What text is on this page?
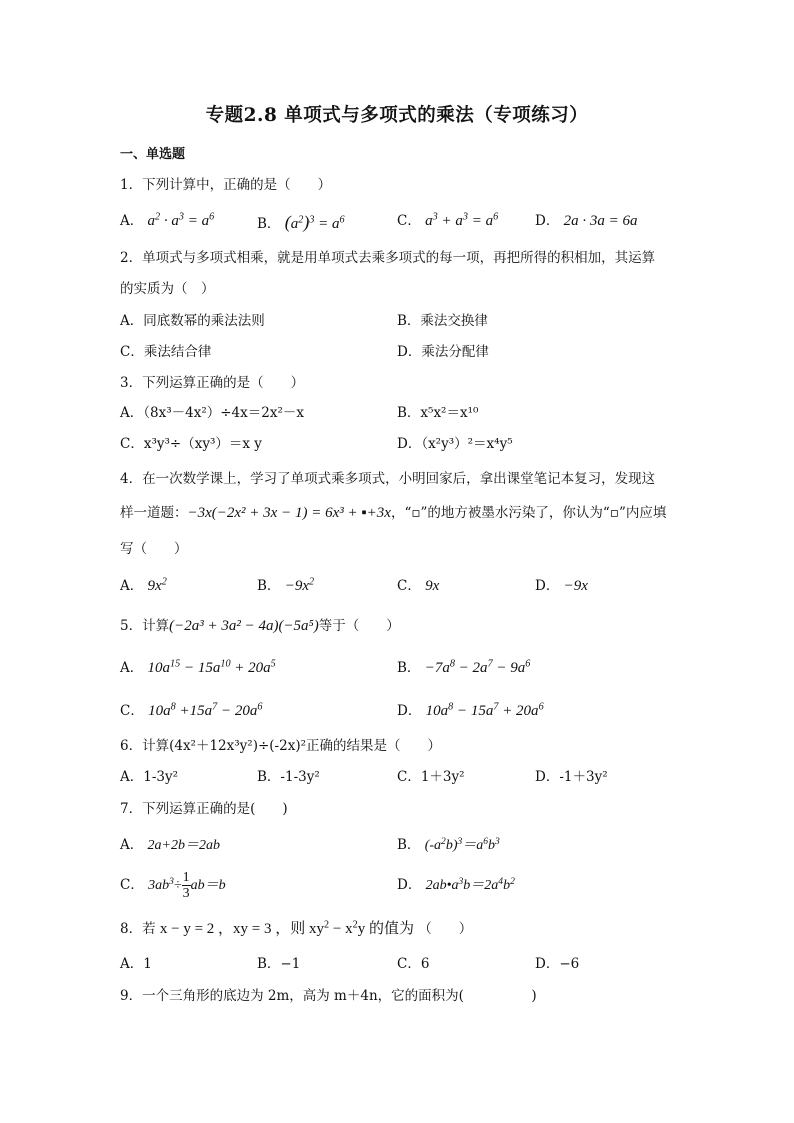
专题2.8 单项式与多项式的乘法（专项练习）
一、单选题
1．下列计算中，正确的是（　　）
A． $a^2 \cdot a^3 = a^6$	B． $(a^2)^3 = a^6$	C． $a^3 + a^3 = a^6$	D． 2a · 3a = 6a
2．单项式与多项式相乘，就是用单项式去乘多项式的每一项，再把所得的积相加，其运算
的实质为（　）
A．同底数幂的乘法法则	B．乘法交换律
C．乘法结合律	D．乘法分配律
3．下列运算正确的是（　　）
A．（8x³－4x²）÷4x＝2x²－x	B．x⁵x²＝x¹⁰
C．x³y³÷（xy³）＝x y	D．（x²y³）²＝x⁴y⁵
4．在一次数学课上，学习了单项式乘多项式，小明回家后，拿出课堂笔记本复习，发现这
样一道题：−3x(−2x² + 3x − 1) = 6x³ + ▪+3x，“▫”的地方被墨水污染了，你认为“▫”内应填
写（　　）
A． $9x^2$	B． $-9x^2$	C． 9x	D． −9x
5．计算(−2a³ + 3a² − 4a)(−5a⁵)等于（　　）
A． $10a^{15} - 15a^{10} + 20a^5$	B． $-7a^8 - 2a^7 - 9a^6$
C． $10a^8 +15a^7 - 20a^6$	D． $10a^8 - 15a^7 + 20a^6$
6．计算(4x²＋12x³y²)÷(-2x)²正确的结果是（　　）
A．1-3y²	B．-1-3y²	C．1＋3y²	D．-1＋3y²
7．下列运算正确的是(　　)
A． 2a+2b＝2ab	B． $(-a^2b)^3=a^6b^3$
C． $3ab^3\div \frac{1}{3} ab=b$	D． $2ab•a^3b=2a^4b^2$
8．若 x − y = 2 ，xy = 3 ，则 $xy^2 - x^2y$ 的值为 （　　）
A．1	B．−1	C．6	D．−6
9．一个三角形的底边为 2m，高为 m＋4n，它的面积为(　　　　　)
